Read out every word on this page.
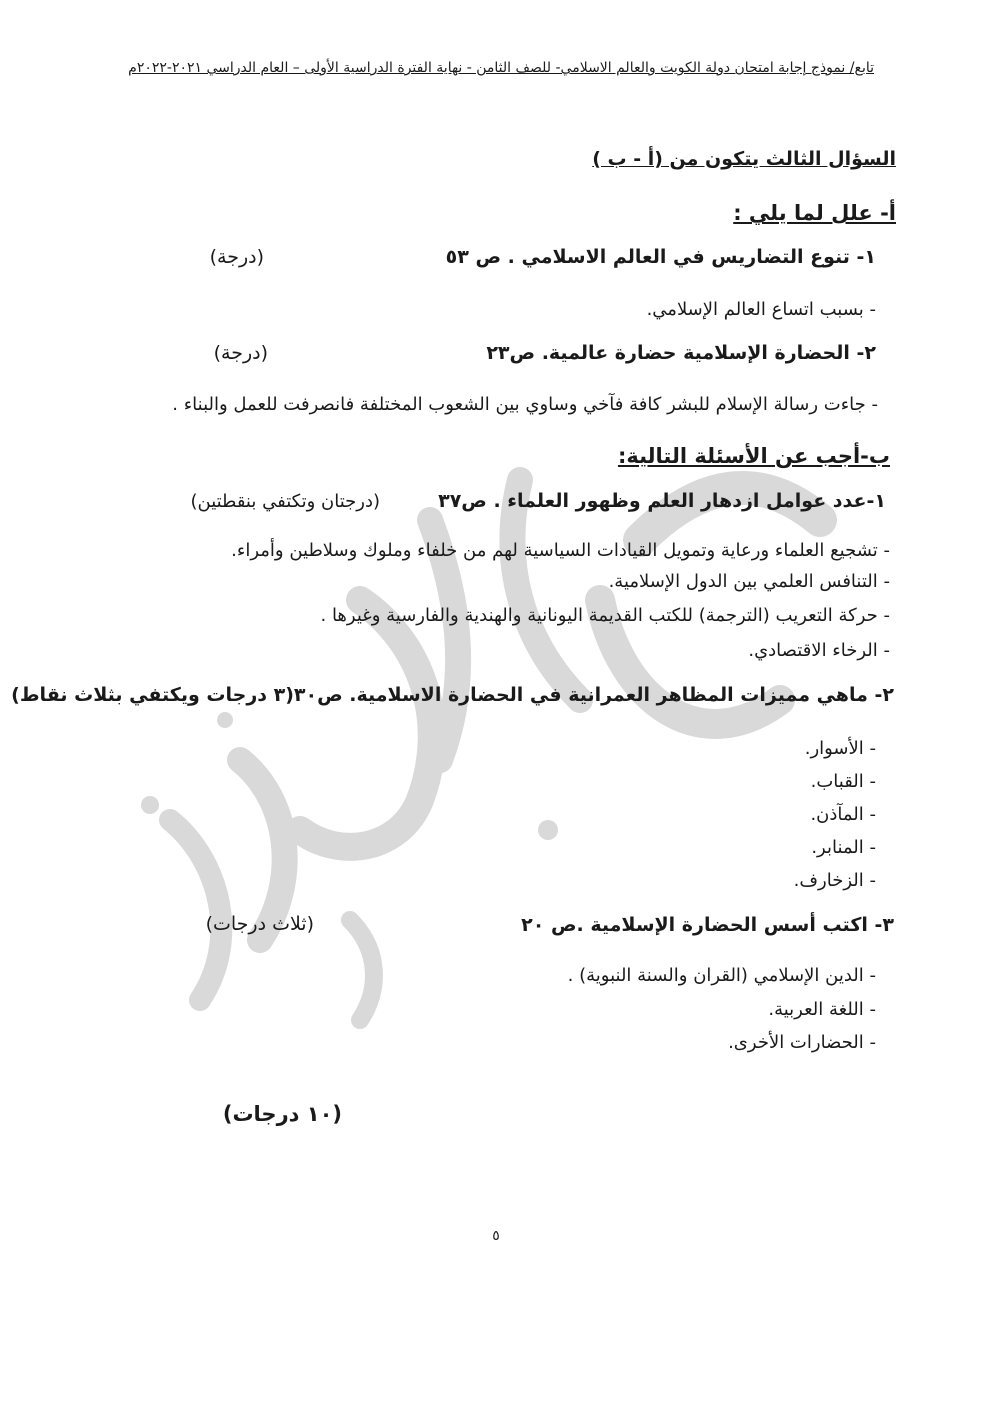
تابع/ نموذج إجابة امتحان دولة الكويت والعالم الاسلامي- للصف الثامن - نهاية الفترة الدراسية الأولى – العام الدراسي ٢٠٢١-٢٠٢٢م
السؤال الثالث يتكون من (أ - ب )
أ- علل لما يلي :
١- تنوع التضاريس في العالم الاسلامي . ص ٥٣
(درجة)
- بسبب اتساع العالم الإسلامي.
٢- الحضارة الإسلامية حضارة عالمية. ص٢٣
(درجة)
- جاءت رسالة الإسلام للبشر كافة فآخي وساوي بين الشعوب المختلفة فانصرفت للعمل والبناء .
ب-أجب عن الأسئلة التالية:
١-عدد عوامل ازدهار العلم وظهور العلماء . ص٣٧
(درجتان وتكتفي بنقطتين)
- تشجيع العلماء ورعاية وتمويل القيادات السياسية لهم من خلفاء وملوك وسلاطين وأمراء.
- التنافس العلمي بين الدول الإسلامية.
- حركة التعريب (الترجمة) للكتب القديمة اليونانية والهندية والفارسية وغيرها .
- الرخاء الاقتصادي.
٢- ماهي مميزات المظاهر العمرانية في الحضارة الاسلامية. ص٣٠(٣ درجات ويكتفي بثلاث نقاط)
- الأسوار.
- القباب.
- المآذن.
- المنابر.
- الزخارف.
٣- اكتب أسس الحضارة الإسلامية .ص ٢٠
(ثلاث درجات)
- الدين الإسلامي (القران والسنة النبوية) .
- اللغة العربية.
- الحضارات الأخرى.
(١٠ درجات)
٥
